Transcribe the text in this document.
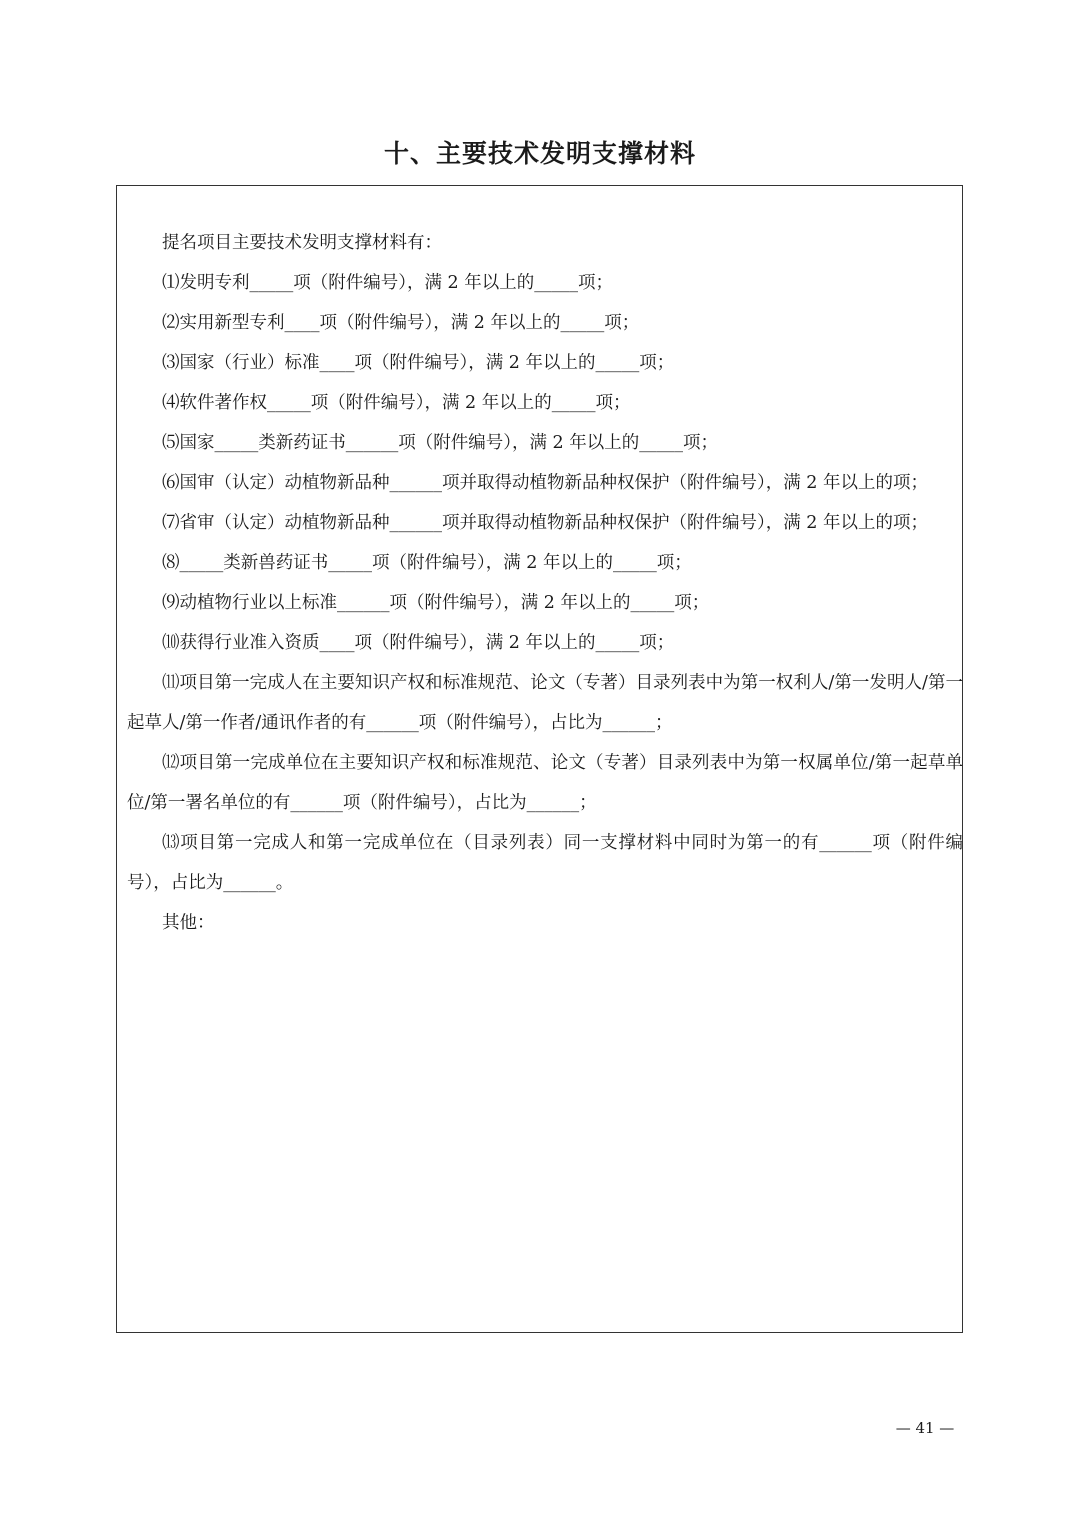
十、主要技术发明支撑材料

提名项目主要技术发明支撑材料有：

⑴发明专利_____项（附件编号），满 2 年以上的_____项；

⑵实用新型专利____项（附件编号），满 2 年以上的_____项；

⑶国家（行业）标准____项（附件编号），满 2 年以上的_____项；

⑷软件著作权_____项（附件编号），满 2 年以上的_____项；

⑸国家_____类新药证书______项（附件编号），满 2 年以上的_____项；

⑹国审（认定）动植物新品种______项并取得动植物新品种权保护（附件编号），满 2 年以上的项；

⑺省审（认定）动植物新品种______项并取得动植物新品种权保护（附件编号），满 2 年以上的项；

⑻_____类新兽药证书_____项（附件编号），满 2 年以上的_____项；

⑼动植物行业以上标准______项（附件编号），满 2 年以上的_____项；

⑽获得行业准入资质____项（附件编号），满 2 年以上的_____项；

⑾项目第一完成人在主要知识产权和标准规范、论文（专著）目录列表中为第一权利人/第一发明人/第一起草人/第一作者/通讯作者的有______项（附件编号），占比为______；

⑿项目第一完成单位在主要知识产权和标准规范、论文（专著）目录列表中为第一权属单位/第一起草单位/第一署名单位的有______项（附件编号），占比为______；

⒀项目第一完成人和第一完成单位在（目录列表）同一支撑材料中同时为第一的有______项（附件编号），占比为______。

其他：

— 41 —
